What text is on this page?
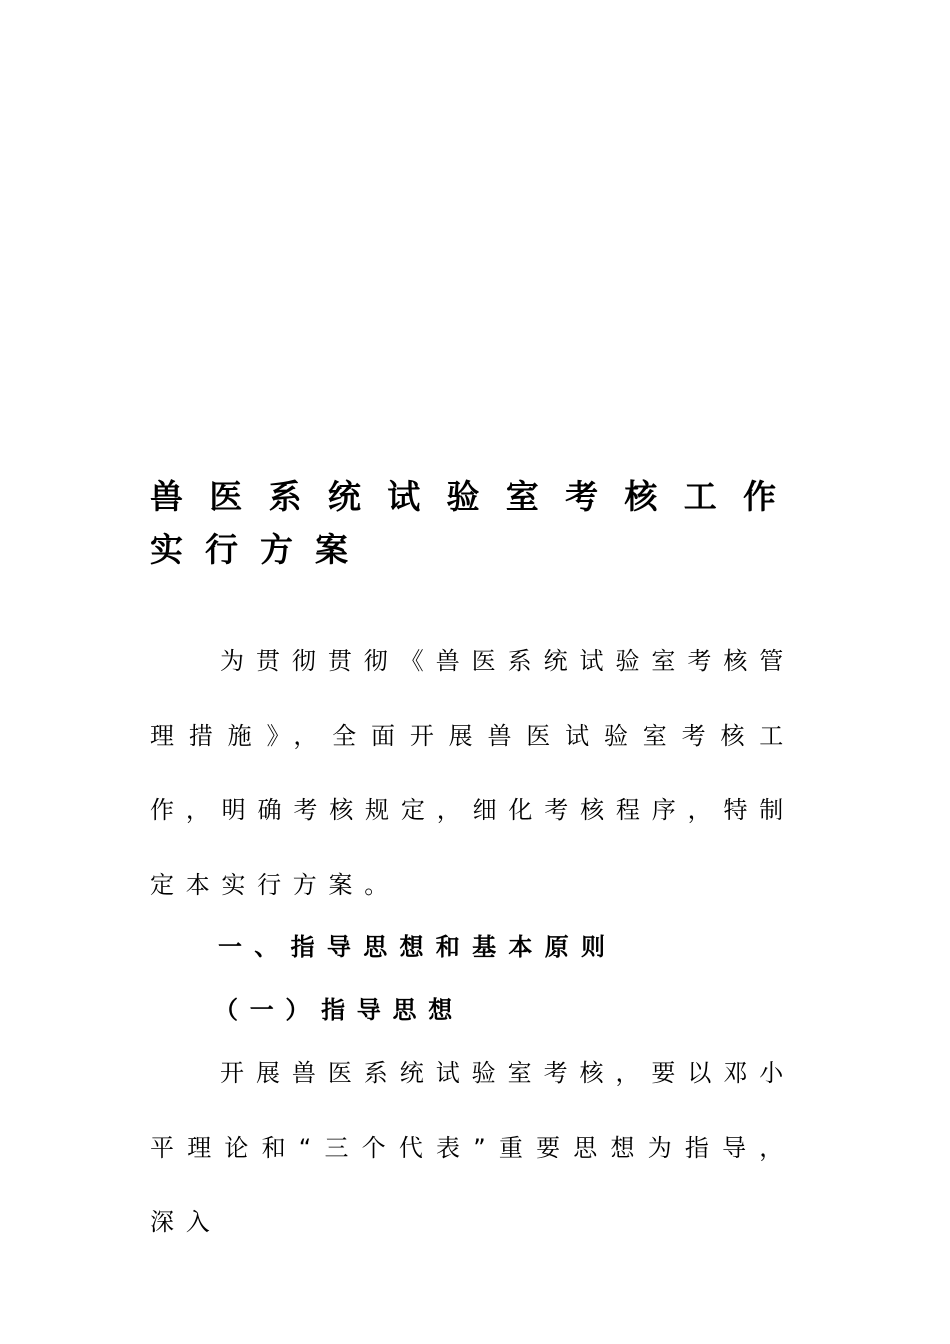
兽医系统试验室考核工作实行方案

为贯彻贯彻《兽医系统试验室考核管理措施》，全面开展兽医试验室考核工作，明确考核规定，细化考核程序，特制定本实行方案。

一、指导思想和基本原则
（一）指导思想

开展兽医系统试验室考核，要以邓小平理论和“三个代表”重要思想为指导，深入
